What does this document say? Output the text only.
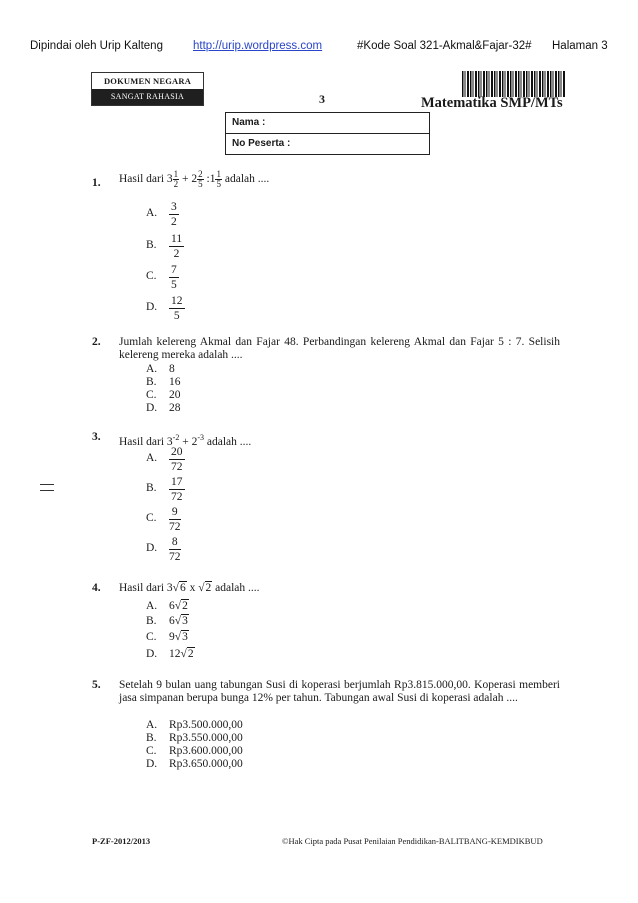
Dipindai oleh Urip Kalteng	http://urip.wordpress.com	#Kode Soal 321-Akmal&Fajar-32# Halaman 3
DOKUMEN NEGARA
SANGAT RAHASIA	3	Matematika SMP/MTs
Nama :
No Peserta :
1. Hasil dari $3 \frac{1}{2} + 2 \frac{2}{5}$ :1 $\frac{1}{5}$ adalah ....
A. $\frac{3}{2}$
B. $\frac{11}{2}$
C. $\frac{7}{5}$
D. $\frac{12}{5}$
2. Jumlah kelereng Akmal dan Fajar 48. Perbandingan kelereng Akmal dan Fajar 5 : 7. Selisih kelereng mereka adalah ....
A. 8
B. 16
C. 20
D. 28
3. Hasil dari $3^{-2} + 2^{-3}$ adalah ....
A. $\frac{20}{72}$
B. $\frac{17}{72}$
C. $\frac{9}{72}$
D. $\frac{8}{72}$
4. Hasil dari 3√6 x √2 adalah ....
A. 6√2
B. 6√3
C. 9√3
D. 12√2
5. Setelah 9 bulan uang tabungan Susi di koperasi berjumlah Rp3.815.000,00. Koperasi memberi jasa simpanan berupa bunga 12% per tahun. Tabungan awal Susi di koperasi adalah ....
A. Rp3.500.000,00
B. Rp3.550.000,00
C. Rp3.600.000,00
D. Rp3.650.000,00
P-ZF-2012/2013	©Hak Cipta pada Pusat Penilaian Pendidikan-BALITBANG-KEMDIKBUD
